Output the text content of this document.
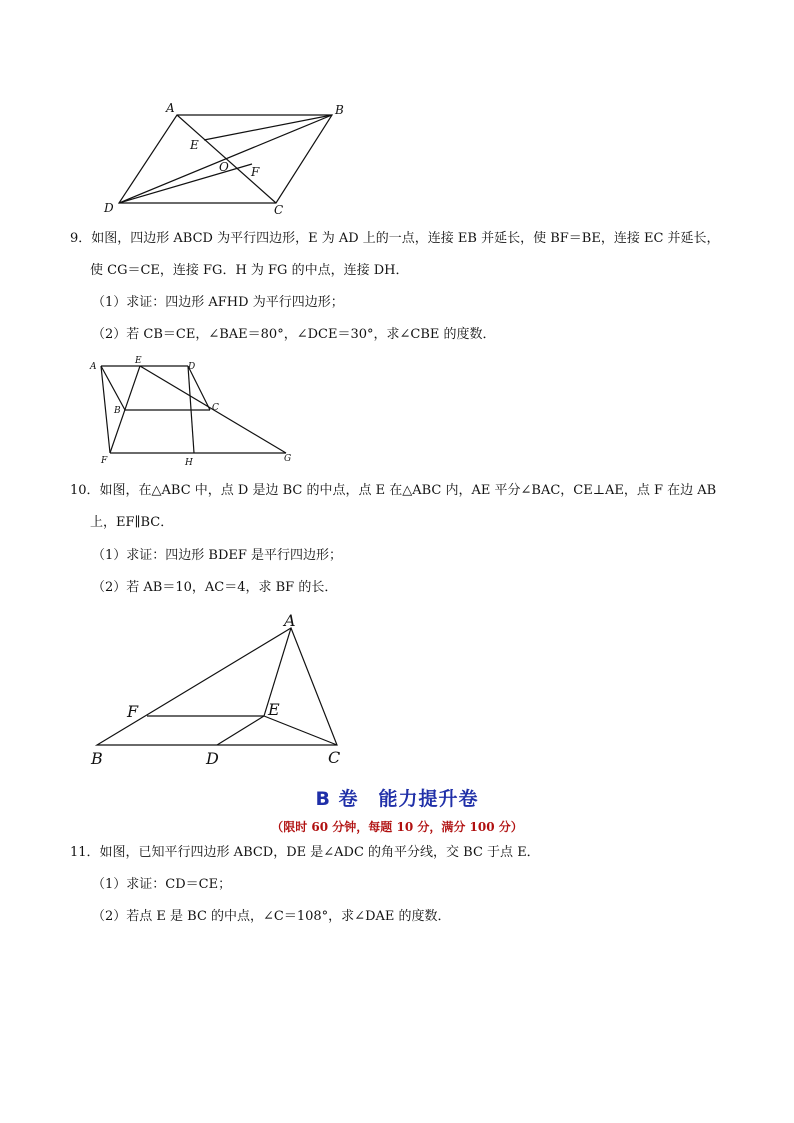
A	B
E
O F
D	C
9．如图，四边形 ABCD 为平行四边形，E 为 AD 上的一点，连接 EB 并延长，使 BF＝BE，连接 EC 并延长，
使 CG＝CE，连接 FG．H 为 FG 的中点，连接 DH．
（1）求证：四边形 AFHD 为平行四边形；
（2）若 CB＝CE，∠BAE＝80°，∠DCE＝30°，求∠CBE 的度数．
A
E
D
B	C
F	H	G
10．如图，在△ABC 中，点 D 是边 BC 的中点，点 E 在△ABC 内，AE 平分∠BAC，CE⊥AE，点 F 在边 AB
上，EF∥BC．
（1）求证：四边形 BDEF 是平行四边形；
（2）若 AB＝10，AC＝4，求 BF 的长．
A
F	E
B	D	C
B 卷　能力提升卷
（限时 60 分钟，每题 10 分，满分 100 分）
11．如图，已知平行四边形 ABCD，DE 是∠ADC 的角平分线，交 BC 于点 E．
（1）求证：CD＝CE；
（2）若点 E 是 BC 的中点，∠C＝108°，求∠DAE 的度数．
